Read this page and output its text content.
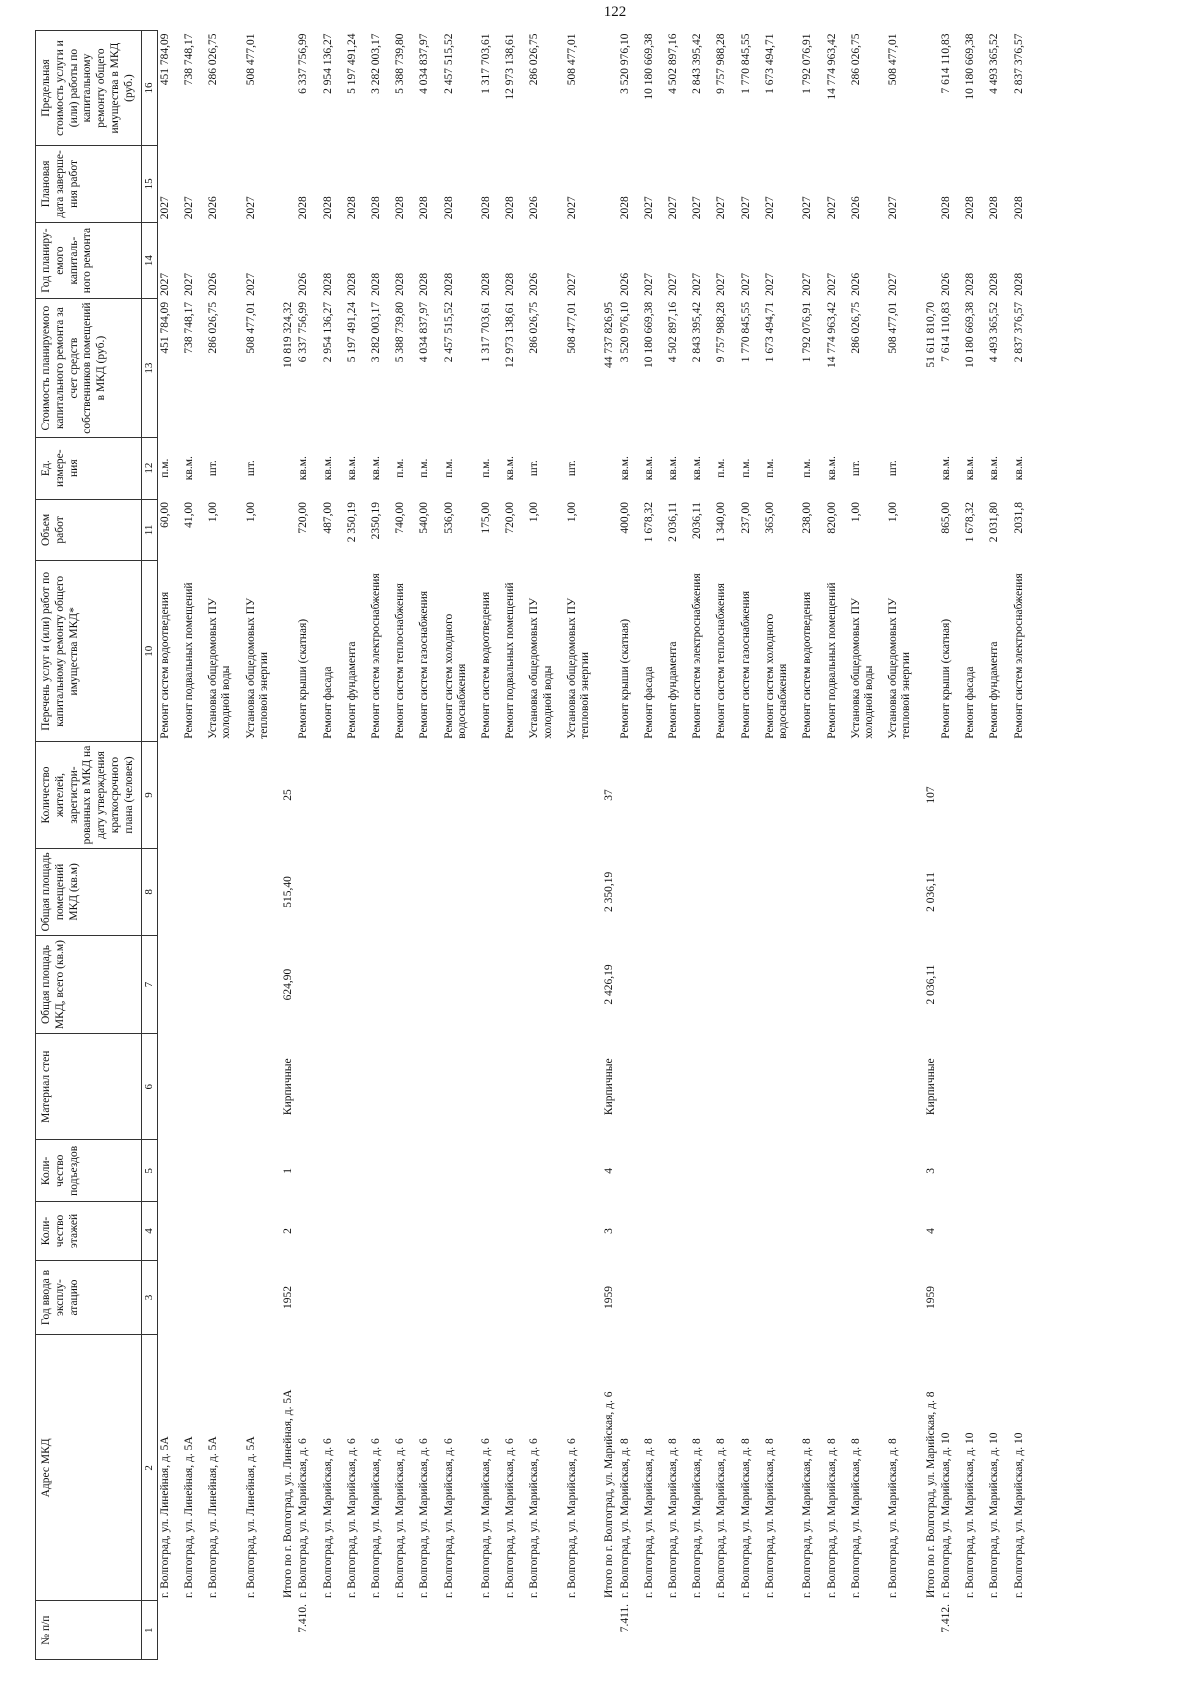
122
№ п/п	Адрес МКД	Год ввода в эксплу-атацию	Коли-чество этажей	Коли-чество подъездов	Материал стен	Общая площадь МКД, всего (кв.м)	Общая площадь помещений МКД (кв.м)	Количество жителей, зарегистри-рованных в МКД на дату утверждения краткосрочного плана (человек)	Перечень услуг и (или) работ по капитальному ремонту общего имущества МКД*	Объем работ	Ед. измере-ния	Стоимость планируемого капитального ремонта за счет средств собственников помещений в МКД (руб.)	Год планиру-емого капиталь-ного ремонта	Плановая дата заверше-ния работ	Предельная стоимость услуги и (или) работы по капитальному ремонту общего имущества в МКД (руб.)
1	2	3	4	5	6	7	8	9	10	11	12	13	14	15	16
	г. Волгоград, ул. Линейная, д. 5А								Ремонт систем водоотведения	60,00	п.м.	451 784,09	2027	2027	451 784,09

	г. Волгоград, ул. Линейная, д. 5А								Ремонт подвальных помещений	41,00	кв.м.	738 748,17	2027	2027	738 748,17

	г. Волгоград, ул. Линейная, д. 5А								Установка общедомовых ПУ холодной воды	1,00	шт.	286 026,75	2026	2026	286 026,75

	г. Волгоград, ул. Линейная, д. 5А								Установка общедомовых ПУ тепловой энергии	1,00	шт.	508 477,01	2027	2027	508 477,01

	Итого по г. Волгоград, ул. Линейная, д. 5А	1952	2	1	Кирпичные	624,90	515,40	25				10 819 324,32			
7.410.	г. Волгоград, ул. Марийская, д. 6								Ремонт крыши (скатная)	720,00	кв.м.	6 337 756,99	2026	2028	6 337 756,99

	г. Волгоград, ул. Марийская, д. 6								Ремонт фасада	487,00	кв.м.	2 954 136,27	2028	2028	2 954 136,27

	г. Волгоград, ул. Марийская, д. 6								Ремонт фундамента	2 350,19	кв.м.	5 197 491,24	2028	2028	5 197 491,24

	г. Волгоград, ул. Марийская, д. 6								Ремонт систем электроснабжения	2350,19	кв.м.	3 282 003,17	2028	2028	3 282 003,17

	г. Волгоград, ул. Марийская, д. 6								Ремонт систем теплоснабжения	740,00	п.м.	5 388 739,80	2028	2028	5 388 739,80

	г. Волгоград, ул. Марийская, д. 6								Ремонт систем газоснабжения	540,00	п.м.	4 034 837,97	2028	2028	4 034 837,97

	г. Волгоград, ул. Марийская, д. 6								Ремонт систем холодного водоснабжения	536,00	п.м.	2 457 515,52	2028	2028	2 457 515,52

	г. Волгоград, ул. Марийская, д. 6								Ремонт систем водоотведения	175,00	п.м.	1 317 703,61	2028	2028	1 317 703,61

	г. Волгоград, ул. Марийская, д. 6								Ремонт подвальных помещений	720,00	кв.м.	12 973 138,61	2028	2028	12 973 138,61

	г. Волгоград, ул. Марийская, д. 6								Установка общедомовых ПУ холодной воды	1,00	шт.	286 026,75	2026	2026	286 026,75

	г. Волгоград, ул. Марийская, д. 6								Установка общедомовых ПУ тепловой энергии	1,00	шт.	508 477,01	2027	2027	508 477,01

	Итого по г. Волгоград, ул. Марийская, д. 6	1959	3	4	Кирпичные	2 426,19	2 350,19	37				44 737 826,95			
7.411.	г. Волгоград, ул. Марийская, д. 8								Ремонт крыши (скатная)	400,00	кв.м.	3 520 976,10	2026	2028	3 520 976,10

	г. Волгоград, ул. Марийская, д. 8								Ремонт фасада	1 678,32	кв.м.	10 180 669,38	2027	2027	10 180 669,38

	г. Волгоград, ул. Марийская, д. 8								Ремонт фундамента	2 036,11	кв.м.	4 502 897,16	2027	2027	4 502 897,16

	г. Волгоград, ул. Марийская, д. 8								Ремонт систем электроснабжения	2036,11	кв.м.	2 843 395,42	2027	2027	2 843 395,42

	г. Волгоград, ул. Марийская, д. 8								Ремонт систем теплоснабжения	1 340,00	п.м.	9 757 988,28	2027	2027	9 757 988,28

	г. Волгоград, ул. Марийская, д. 8								Ремонт систем газоснабжения	237,00	п.м.	1 770 845,55	2027	2027	1 770 845,55

	г. Волгоград, ул. Марийская, д. 8								Ремонт систем холодного водоснабжения	365,00	п.м.	1 673 494,71	2027	2027	1 673 494,71

	г. Волгоград, ул. Марийская, д. 8								Ремонт систем водоотведения	238,00	п.м.	1 792 076,91	2027	2027	1 792 076,91

	г. Волгоград, ул. Марийская, д. 8								Ремонт подвальных помещений	820,00	кв.м.	14 774 963,42	2027	2027	14 774 963,42

	г. Волгоград, ул. Марийская, д. 8								Установка общедомовых ПУ холодной воды	1,00	шт.	286 026,75	2026	2026	286 026,75

	г. Волгоград, ул. Марийская, д. 8								Установка общедомовых ПУ тепловой энергии	1,00	шт.	508 477,01	2027	2027	508 477,01

	Итого по г. Волгоград, ул. Марийская, д. 8	1959	4	3	Кирпичные	2 036,11	2 036,11	107				51 611 810,70			
7.412.	г. Волгоград, ул. Марийская, д. 10								Ремонт крыши (скатная)	865,00	кв.м.	7 614 110,83	2026	2028	7 614 110,83

	г. Волгоград, ул. Марийская, д. 10								Ремонт фасада	1 678,32	кв.м.	10 180 669,38	2028	2028	10 180 669,38

	г. Волгоград, ул. Марийская, д. 10								Ремонт фундамента	2 031,80	кв.м.	4 493 365,52	2028	2028	4 493 365,52

	г. Волгоград, ул. Марийская, д. 10								Ремонт систем электроснабжения	2031,8	кв.м.	2 837 376,57	2028	2028	2 837 376,57
